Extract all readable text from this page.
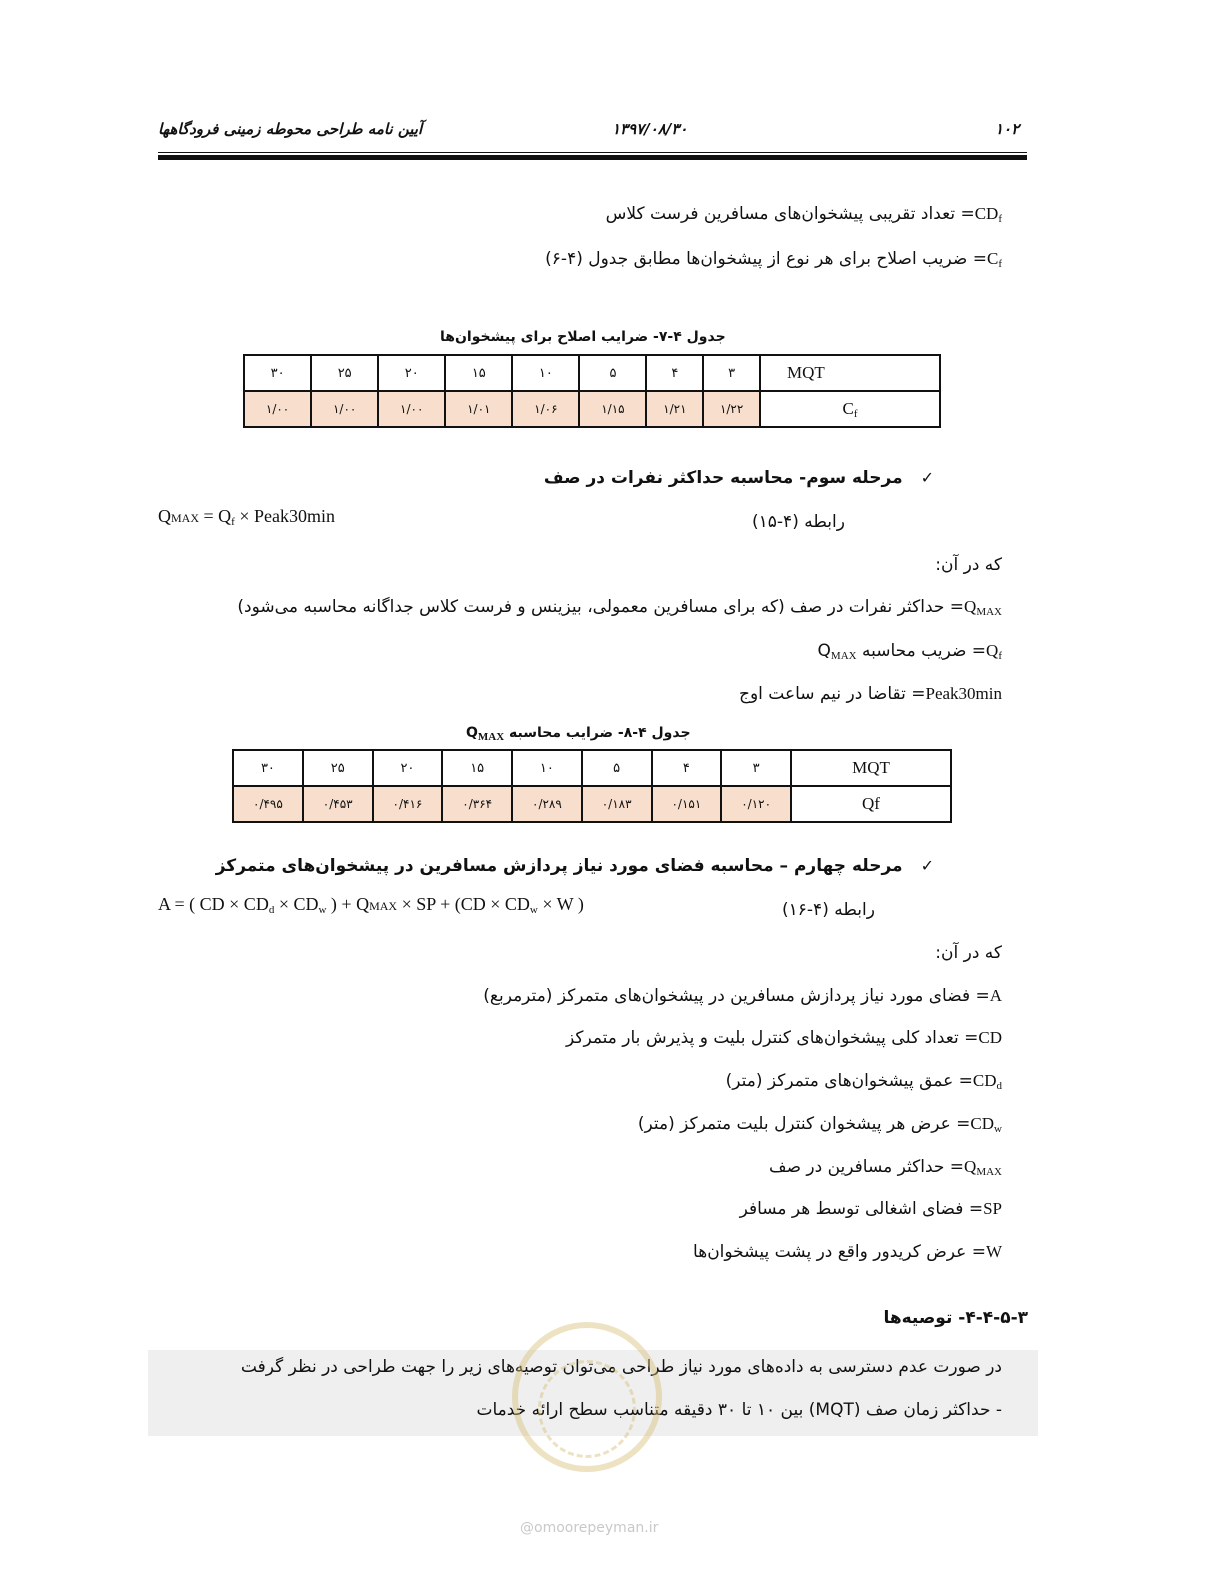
۱۰۲
۱۳۹۷/۰۸/۳۰
آیین نامه طراحی محوطه زمینی فرودگاهها
$CD_f=$ تعداد تقریبی پیشخوان‌های مسافرین فرست کلاس
$C_f=$ ضریب اصلاح برای هر نوع از پیشخوان‌ها مطابق جدول (۴-۶)
جدول ۴-۷- ضرایب اصلاح برای پیشخوان‌ها
MQT	۳	۴	۵	۱۰	۱۵	۲۰	۲۵	۳۰
$C_f$	۱/۲۲	۱/۲۱	۱/۱۵	۱/۰۶	۱/۰۱	۱/۰۰	۱/۰۰	۱/۰۰
✓مرحله سوم- محاسبه حداکثر نفرات در صف
QMAX = $Q_f$ × Peak30min	رابطه (۴-۱۵)
که در آن:
$Q_{MAX}=$ حداکثر نفرات در صف (که برای مسافرین معمولی، بیزینس و فرست کلاس جداگانه محاسبه می‌شود)
$Q_f=$ ضریب محاسبه $Q_{MAX}$
Peak30min= تقاضا در نیم ساعت اوج
جدول ۴-۸- ضرایب محاسبه $Q_{MAX}$
MQT	۳	۴	۵	۱۰	۱۵	۲۰	۲۵	۳۰
Qf	۰/۱۲۰	۰/۱۵۱	۰/۱۸۳	۰/۲۸۹	۰/۳۶۴	۰/۴۱۶	۰/۴۵۳	۰/۴۹۵
✓مرحله چهارم – محاسبه فضای مورد نیاز پردازش مسافرین در پیشخوان‌های متمرکز
A = ( CD × $CD_d \times CD_w$ ) + QMAX × SP + ($CD \times CD_w \times W$ )	رابطه (۴-۱۶)
که در آن:
A= فضای مورد نیاز پردازش مسافرین در پیشخوان‌های متمرکز (مترمربع)
CD= تعداد کلی پیشخوان‌های کنترل بلیت و پذیرش بار متمرکز
$CD_d=$ عمق پیشخوان‌های متمرکز (متر)
$CD_w=$ عرض هر پیشخوان کنترل بلیت متمرکز (متر)
$Q_{MAX}=$ حداکثر مسافرین در صف
SP= فضای اشغالی توسط هر مسافر
W= عرض کریدور واقع در پشت پیشخوان‌ها
۴-۴-۵-۳- توصیه‌ها
در صورت عدم دسترسی به داده‌های مورد نیاز طراحی می‌توان توصیه‌های زیر را جهت طراحی در نظر گرفت
- حداکثر زمان صف (MQT) بین ۱۰ تا ۳۰ دقیقه متناسب سطح ارائه خدمات
@omoorepeyman.ir
